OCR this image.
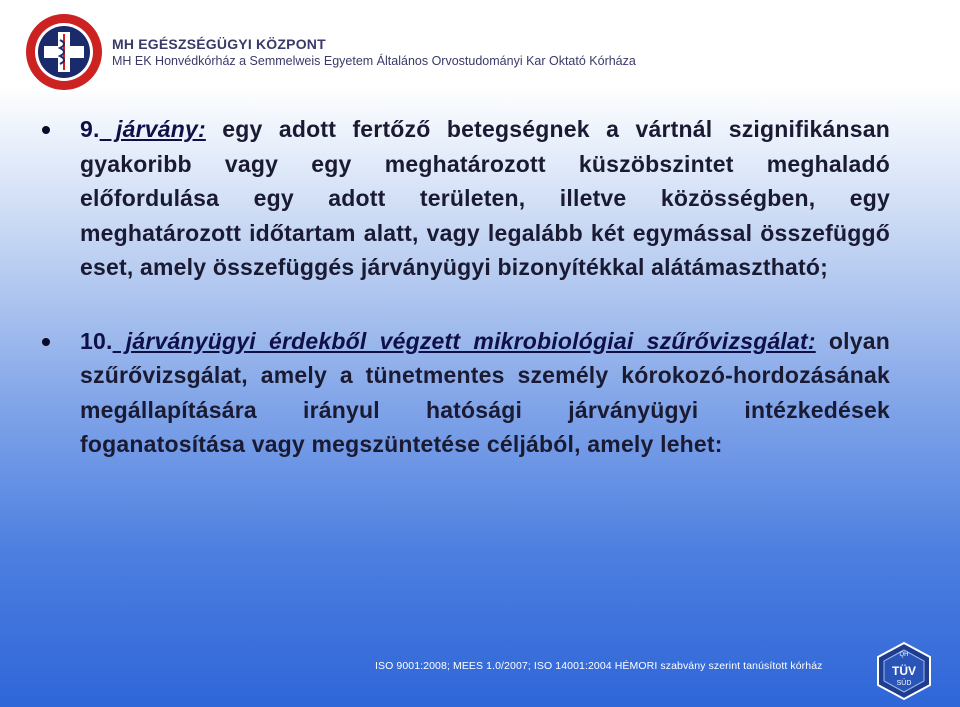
MH EGÉSZSÉGÜGYI KÖZPONT

MH EK Honvédkórház a Semmelweis Egyetem Általános Orvostudományi Kar Oktató Kórháza

9. járvány: egy adott fertőző betegségnek a vártnál szignifikánsan gyakoribb vagy egy meghatározott küszöbszintet meghaladó előfordulása egy adott területen, illetve közösségben, egy meghatározott időtartam alatt, vagy legalább két egymással összefüggő eset, amely összefüggés járványügyi bizonyítékkal alátámasztható;

10. járványügyi érdekből végzett mikrobiológiai szűrővizsgálat: olyan szűrővizsgálat, amely a tünetmentes személy kórokozó-hordozásának megállapítására irányul hatósági járványügyi intézkedések foganatosítása vagy megszüntetése céljából, amely lehet:

ISO 9001:2008; MEES 1.0/2007; ISO 14001:2004 HÉMORI szabvány szerint tanúsított kórház

QH
TÜV
SÜD
